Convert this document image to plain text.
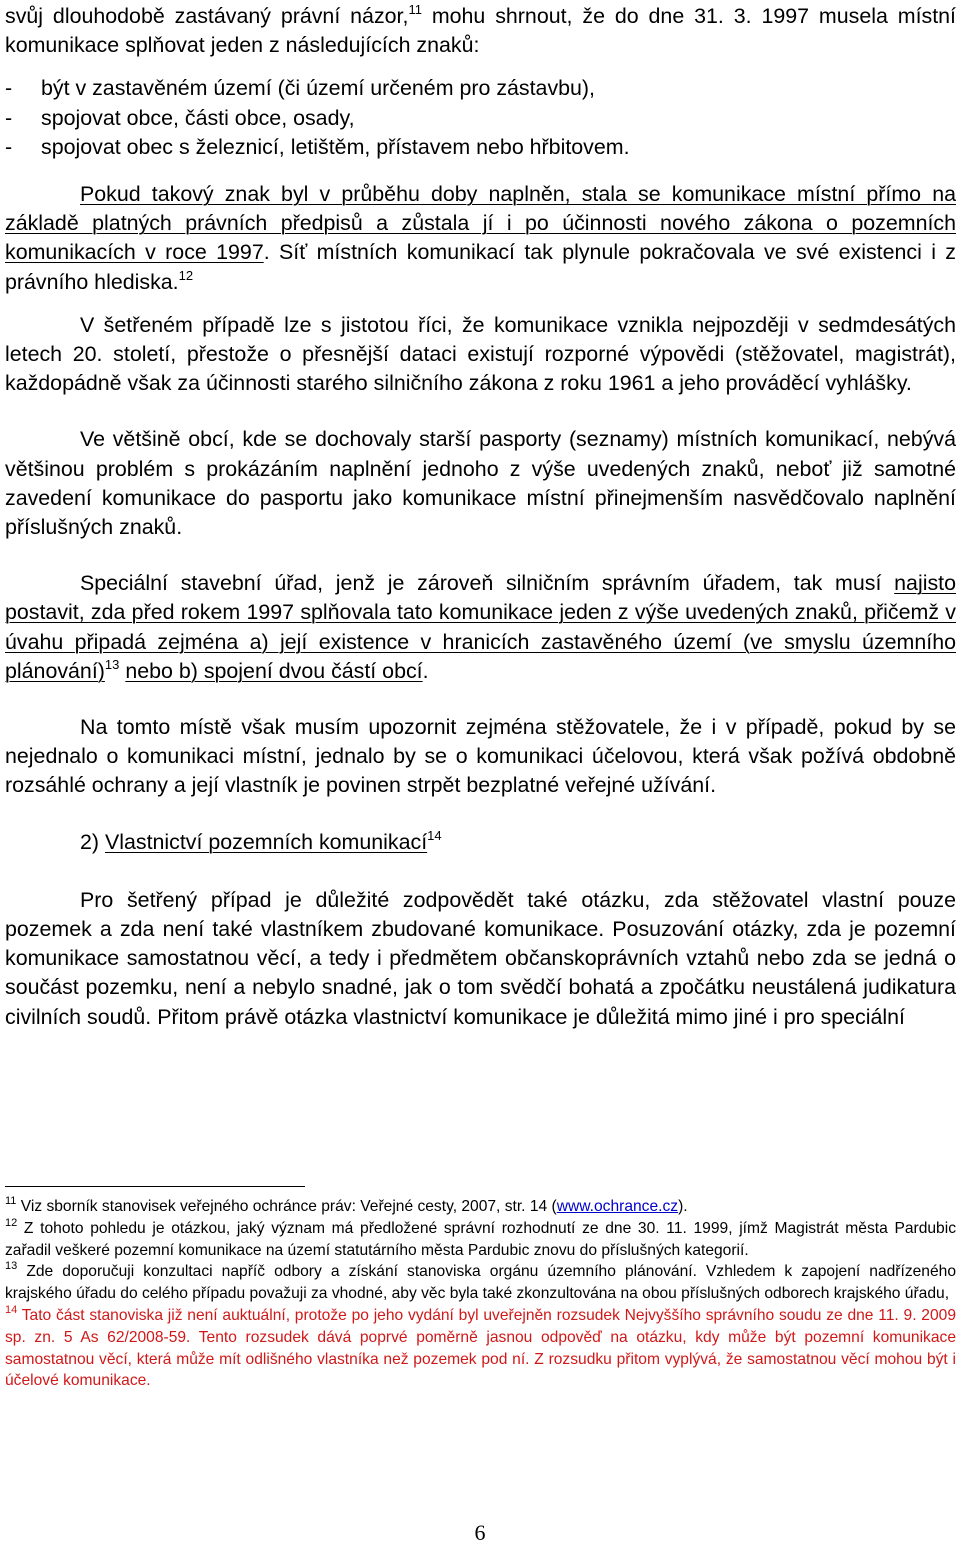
svůj dlouhodobě zastávaný právní názor,$^{11}$ mohu shrnout, že do dne 31. 3. 1997 musela místní komunikace splňovat jeden z následujících znaků:

- být v zastavěném území (či území určeném pro zástavbu),
- spojovat obce, části obce, osady,
- spojovat obec s železnicí, letištěm, přístavem nebo hřbitovem.

Pokud takový znak byl v průběhu doby naplněn, stala se komunikace místní přímo na základě platných právních předpisů a zůstala jí i po účinnosti nového zákona o pozemních komunikacích v roce 1997. Síť místních komunikací tak plynule pokračovala ve své existenci i z právního hlediska.$^{12}$

V šetřeném případě lze s jistotou říci, že komunikace vznikla nejpozději v sedmdesátých letech 20. století, přestože o přesnější dataci existují rozporné výpovědi (stěžovatel, magistrát), každopádně však za účinnosti starého silničního zákona z roku 1961 a jeho prováděcí vyhlášky.

Ve většině obcí, kde se dochovaly starší pasporty (seznamy) místních komunikací, nebývá většinou problém s prokázáním naplnění jednoho z výše uvedených znaků, neboť již samotné zavedení komunikace do pasportu jako komunikace místní přinejmenším nasvědčovalo naplnění příslušných znaků.

Speciální stavební úřad, jenž je zároveň silničním správním úřadem, tak musí najisto postavit, zda před rokem 1997 splňovala tato komunikace jeden z výše uvedených znaků, přičemž v úvahu připadá zejména a) její existence v hranicích zastavěného území (ve smyslu územního plánování)$^{13}$ nebo b) spojení dvou částí obcí.

Na tomto místě však musím upozornit zejména stěžovatele, že i v případě, pokud by se nejednalo o komunikaci místní, jednalo by se o komunikaci účelovou, která však požívá obdobně rozsáhlé ochrany a její vlastník je povinen strpět bezplatné veřejné užívání.

2) Vlastnictví pozemních komunikací$^{14}$

Pro šetřený případ je důležité zodpovědět také otázku, zda stěžovatel vlastní pouze pozemek a zda není také vlastníkem zbudované komunikace. Posuzování otázky, zda je pozemní komunikace samostatnou věcí, a tedy i předmětem občanskoprávních vztahů nebo zda se jedná o součást pozemku, není a nebylo snadné, jak o tom svědčí bohatá a zpočátku neustálená judikatura civilních soudů. Přitom právě otázka vlastnictví komunikace je důležitá mimo jiné i pro speciální

$^{11}$ Viz sborník stanovisek veřejného ochránce práv: Veřejné cesty, 2007, str. 14 (www.ochrance.cz).

$^{12}$ Z tohoto pohledu je otázkou, jaký význam má předložené správní rozhodnutí ze dne 30. 11. 1999, jímž Magistrát města Pardubic zařadil veškeré pozemní komunikace na území statutárního města Pardubic znovu do příslušných kategorií.

$^{13}$ Zde doporučuji konzultaci napříč odbory a získání stanoviska orgánu územního plánování. Vzhledem k zapojení nadřízeného krajského úřadu do celého případu považuji za vhodné, aby věc byla také zkonzultována na obou příslušných odborech krajského úřadu,

$^{14}$ Tato část stanoviska již není auktuální, protože po jeho vydání byl uveřejněn rozsudek Nejvyššího správního soudu ze dne 11. 9. 2009 sp. zn. 5 As 62/2008-59. Tento rozsudek dává poprvé poměrně jasnou odpověď na otázku, kdy může být pozemní komunikace samostatnou věcí, která může mít odlišného vlastníka než pozemek pod ní. Z rozsudku přitom vyplývá, že samostatnou věcí mohou být i účelové komunikace.

6
